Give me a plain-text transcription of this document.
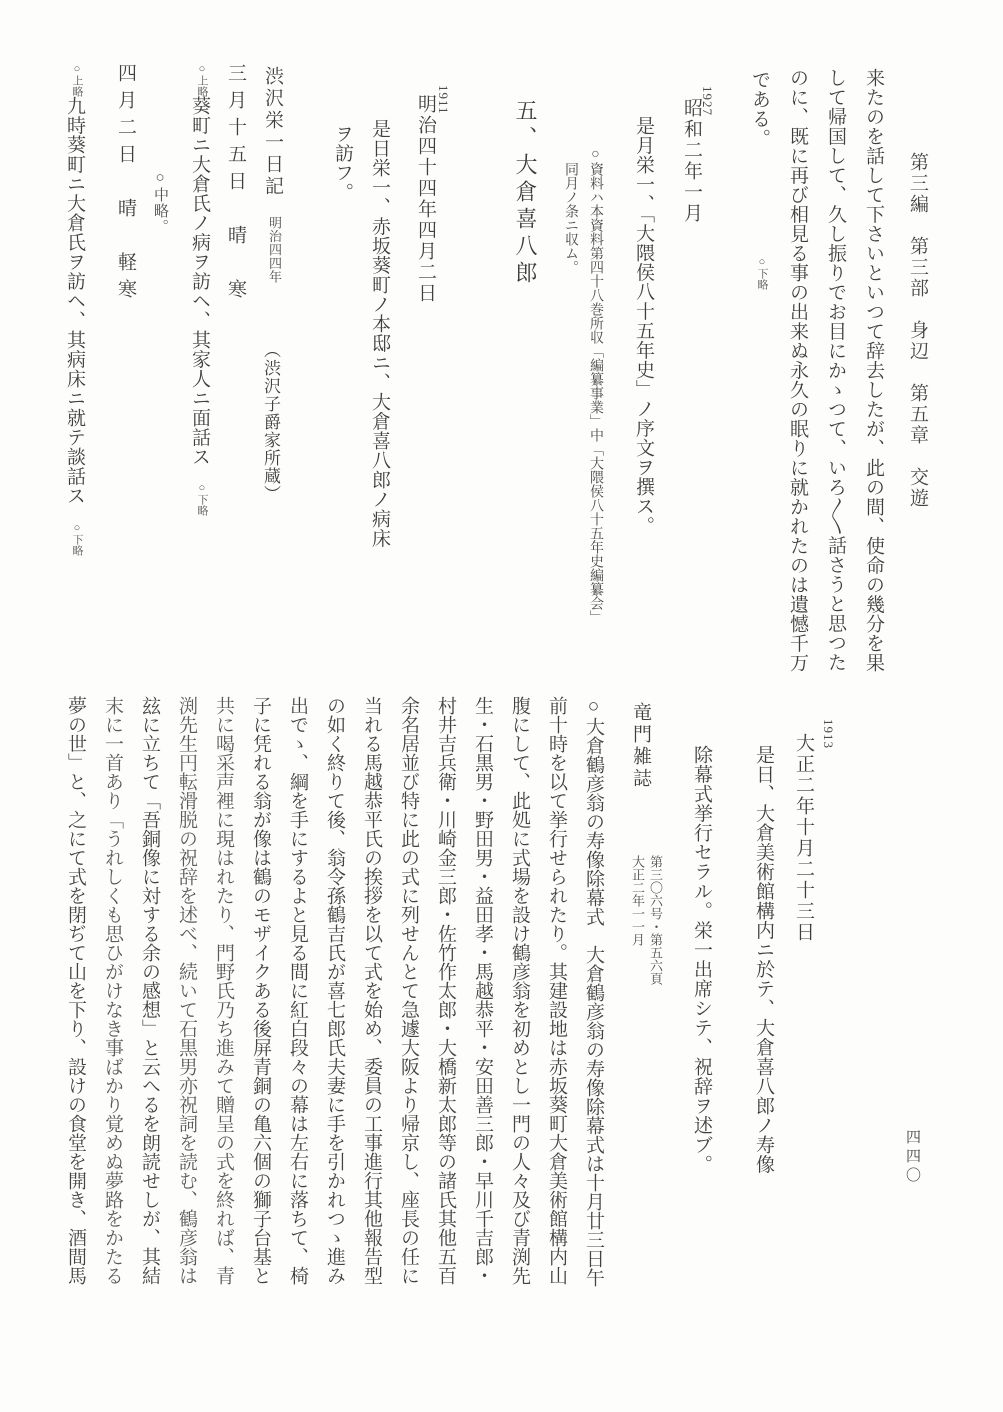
第三編　第三部　身辺　第五章　交遊
来たのを話して下さいといつて辞去したが、此の間、使命の幾分を果
して帰国して、久し振りでお目にかゝつて、いろ〱話さうと思つた
のに、既に再び相見る事の出来ぬ永久の眠りに就かれたのは遺憾千万
である。
○下略
1927
昭和二年一月
是月栄一、「大隈侯八十五年史」ノ序文ヲ撰ス。
○資料ハ本資料第四十八巻所収「編纂事業」中「大隈侯八十五年史編纂会」
同月ノ条ニ収ム。
五、大倉喜八郎
1911
明治四十四年四月二日
是日栄一、赤坂葵町ノ本邸ニ、大倉喜八郎ノ病床
ヲ訪フ。
渋沢栄一日記
明治四四年
（渋沢子爵家所蔵）
三月十五日　晴　寒
○上略
葵町ニ大倉氏ノ病ヲ訪ヘ、其家人ニ面話ス
○下略
○中略。
四月二日　晴　軽寒
○上略
九時葵町ニ大倉氏ヲ訪ヘ、其病床ニ就テ談話ス
○下略
1913
大正二年十月二十三日
是日、大倉美術館構内ニ於テ、大倉喜八郎ノ寿像
除幕式挙行セラル。栄一出席シテ、祝辞ヲ述ブ。
竜門雑誌
第三〇六号・第五六頁
大正二年一一月
○大倉鶴彦翁の寿像除幕式　大倉鶴彦翁の寿像除幕式は十月廿三日午
前十時を以て挙行せられたり。其建設地は赤坂葵町大倉美術館構内山
腹にして、此処に式場を設け鶴彦翁を初めとし一門の人々及び青渕先
生・石黒男・野田男・益田孝・馬越恭平・安田善三郎・早川千吉郎・
村井吉兵衛・川崎金三郎・佐竹作太郎・大橋新太郎等の諸氏其他五百
余名居並び特に此の式に列せんとて急遽大阪より帰京し、座長の任に
当れる馬越恭平氏の挨拶を以て式を始め、委員の工事進行其他報告型
の如く終りて後、翁令孫鶴吉氏が喜七郎氏夫妻に手を引かれつゝ進み
出でゝ、綱を手にするよと見る間に紅白段々の幕は左右に落ちて、椅
子に凭れる翁が像は鶴のモザイクある後屏青銅の亀六個の獅子台基と
共に喝采声裡に現はれたり、門野氏乃ち進みて贈呈の式を終れば、青
渕先生円転滑脱の祝辞を述べ、続いて石黒男亦祝詞を読む、鶴彦翁は
玆に立ちて「吾銅像に対する余の感想」と云へるを朗読せしが、其結
末に一首あり「うれしくも思ひがけなき事ばかり覚めぬ夢路をかたる
夢の世」と、之にて式を閉ぢて山を下り、設けの食堂を開き、酒間馬	四四〇
